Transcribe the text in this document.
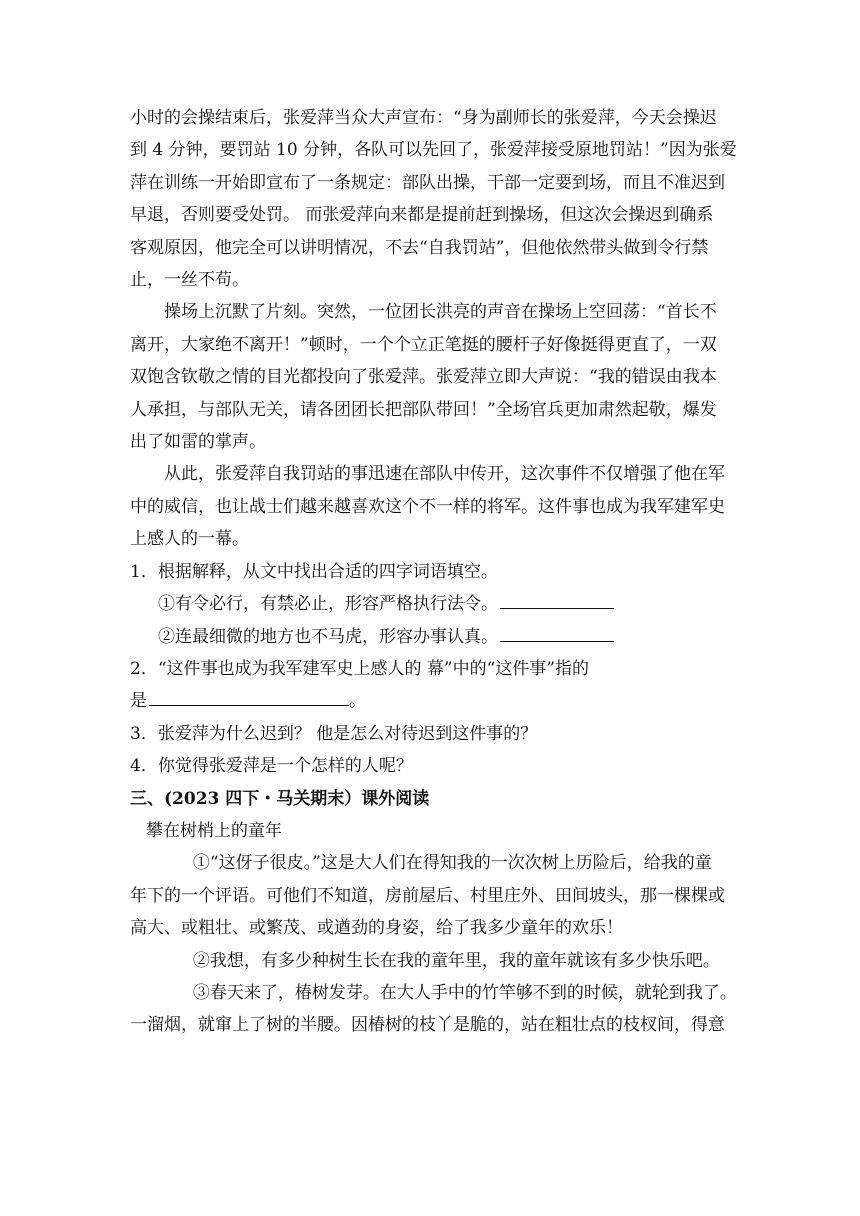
小时的会操结束后，张爱萍当众大声宣布：“身为副师长的张爱萍，今天会操迟

到 4 分钟，要罚站 10 分钟，各队可以先回了，张爱萍接受原地罚站！”因为张爱

萍在训练一开始即宣布了一条规定：部队出操，干部一定要到场，而且不准迟到

早退，否则要受处罚。 而张爱萍向来都是提前赶到操场，但这次会操迟到确系

客观原因，他完全可以讲明情况，不去“自我罚站”，但他依然带头做到令行禁

止，一丝不苟。

操场上沉默了片刻。突然，一位团长洪亮的声音在操场上空回荡：“首长不

离开，大家绝不离开！”顿时，一个个立正笔挺的腰杆子好像挺得更直了，一双

双饱含钦敬之情的目光都投向了张爱萍。张爱萍立即大声说：“我的错误由我本

人承担，与部队无关，请各团团长把部队带回！”全场官兵更加肃然起敬，爆发

出了如雷的掌声。

从此，张爱萍自我罚站的事迅速在部队中传开，这次事件不仅增强了他在军

中的威信，也让战士们越来越喜欢这个不一样的将军。这件事也成为我军建军史

上感人的一幕。

1．根据解释，从文中找出合适的四字词语填空。

①有令必行，有禁必止，形容严格执行法令。

②连最细微的地方也不马虎，形容办事认真。

2．“这件事也成为我军建军史上感人的 幕”中的“这件事”指的

是	。

3．张爱萍为什么迟到？ 他是怎么对待迟到这件事的？

4．你觉得张爱萍是一个怎样的人呢？

三、(2023 四下・马关期末）课外阅读

攀在树梢上的童年

①“这伢子很皮。”这是大人们在得知我的一次次树上历险后，给我的童

年下的一个评语。可他们不知道，房前屋后、村里庄外、田间坡头，那一棵棵或

高大、或粗壮、或繁茂、或遒劲的身姿，给了我多少童年的欢乐！

②我想，有多少种树生长在我的童年里，我的童年就该有多少快乐吧。

③春天来了，椿树发芽。在大人手中的竹竿够不到的时候，就轮到我了。

一溜烟，就窜上了树的半腰。因椿树的枝丫是脆的，站在粗壮点的枝杈间，得意
